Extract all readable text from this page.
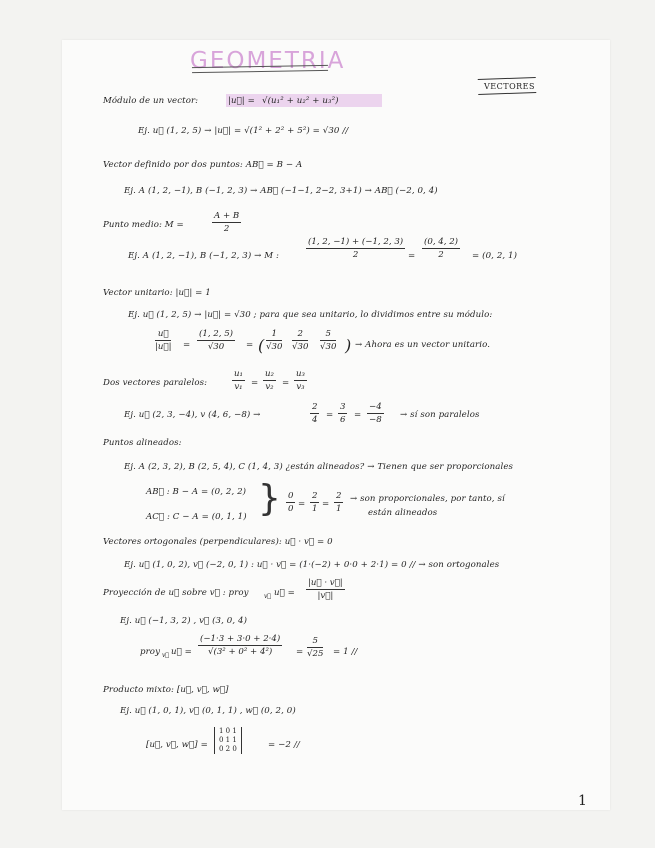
GEOMETRIA
VECTORES
Módulo de un vector:	|u⃗| = √(u₁² + u₂² + u₃²)
Ej. u⃗ (1, 2, 5) → |u⃗| = √(1² + 2² + 5²) = √30 //
Vector definido por dos puntos: AB⃗ = B − A
Ej. A (1, 2, −1), B (−1, 2, 3) → AB⃗ (−1−1, 2−2, 3+1) → AB⃗ (−2, 0, 4)
Punto medio: M =
A + B
2
Ej. A (1, 2, −1), B (−1, 2, 3) → M :
(1, 2, −1) + (−1, 2, 3)
2	=
(0, 4, 2)
2	= (0, 2, 1)
Vector unitario: |u⃗| = 1
Ej. u⃗ (1, 2, 5) → |u⃗| = √30 ; para que sea unitario, lo dividimos entre su módulo:
u⃗
|u⃗| =
(1, 2, 5)
√30	= (
1
√30
2
√30
5
√30 ) → Ahora es un vector unitario.
Dos vectores paralelos:
u₁
v₁ =
u₂
v₂ =
u₃
v₃
Ej. u⃗ (2, 3, −4), v (4, 6, −8) →
2
4 =
3
6 =
−4
−8 → sí son paralelos
Puntos alineados:
Ej. A (2, 3, 2), B (2, 5, 4), C (1, 4, 3) ¿están alineados? → Tienen que ser proporcionales
AB⃗ : B − A = (0, 2, 2)
AC⃗ : C − A = (0, 1, 1) } 0
0 =
2
1 =
2
1
→ son proporcionales, por tanto, sí
están alineados
Vectores ortogonales (perpendiculares): u⃗ · v⃗ = 0
Ej. u⃗ (1, 0, 2), v⃗ (−2, 0, 1) : u⃗ · v⃗ = (1·(−2) + 0·0 + 2·1) = 0 // → son ortogonales
Proyección de u⃗ sobre v⃗ : proy	v⃗ u⃗ =
|u⃗ · v⃗|
|v⃗|
Ej. u⃗ (−1, 3, 2) , v⃗ (3, 0, 4)
proy v⃗ u⃗ =
(−1·3 + 3·0 + 2·4)
√(3² + 0² + 4²)	=
5
√25 = 1 //
Producto mixto: [u⃗, v⃗, w⃗]
Ej. u⃗ (1, 0, 1), v⃗ (0, 1, 1) , w⃗ (0, 2, 0)
[u⃗, v⃗, w⃗] =
1 0 1
0 1 1
0 2 0	= −2 //
1
